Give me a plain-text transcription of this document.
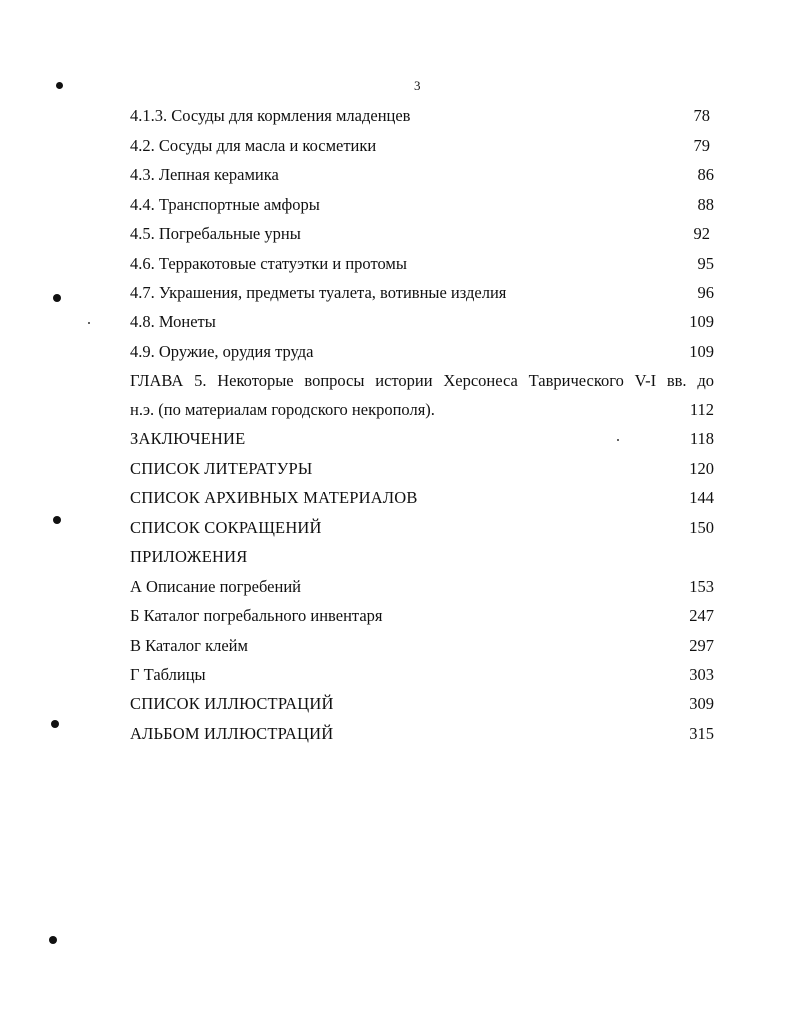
3
4.1.3. Сосуды для кормления младенцев	78
4.2. Сосуды для масла и косметики	79
4.3. Лепная керамика	86
4.4. Транспортные амфоры	88
4.5. Погребальные урны	92
4.6. Терракотовые статуэтки и протомы	95
4.7. Украшения, предметы туалета, вотивные изделия	96
4.8. Монеты	109
4.9. Оружие, орудия труда	109
ГЛАВА 5. Некоторые вопросы истории Херсонеса Таврического V-I вв. до
н.э. (по материалам городского некрополя).	112
ЗАКЛЮЧЕНИЕ	118
СПИСОК ЛИТЕРАТУРЫ	120
СПИСОК АРХИВНЫХ МАТЕРИАЛОВ	144
СПИСОК СОКРАЩЕНИЙ	150
ПРИЛОЖЕНИЯ
А Описание погребений	153
Б Каталог погребального инвентаря	247
В Каталог клейм	297
Г Таблицы	303
СПИСОК ИЛЛЮСТРАЦИЙ	309
АЛЬБОМ ИЛЛЮСТРАЦИЙ	315
